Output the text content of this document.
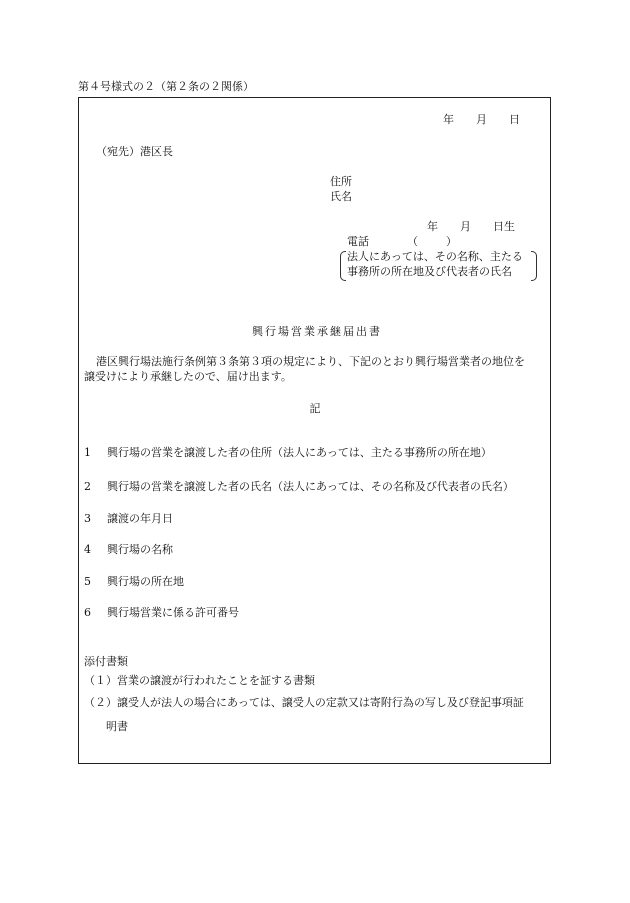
第４号様式の２（第２条の２関係）
年 月 日
（宛先）港区長
住所
氏名
年 月 日生
電話	（	）
法人にあっては、その名称、主たる
事務所の所在地及び代表者の氏名
興行場営業承継届出書
港区興行場法施行条例第３条第３項の規定により、下記のとおり興行場営業者の地位を
譲受けにより承継したので、届け出ます。
記
1 興行場の営業を譲渡した者の住所（法人にあっては、主たる事務所の所在地）
2 興行場の営業を譲渡した者の氏名（法人にあっては、その名称及び代表者の氏名）
3 譲渡の年月日
4 興行場の名称
5 興行場の所在地
6 興行場営業に係る許可番号
添付書類
（１）営業の譲渡が行われたことを証する書類
（２）譲受人が法人の場合にあっては、譲受人の定款又は寄附行為の写し及び登記事項証
明書
